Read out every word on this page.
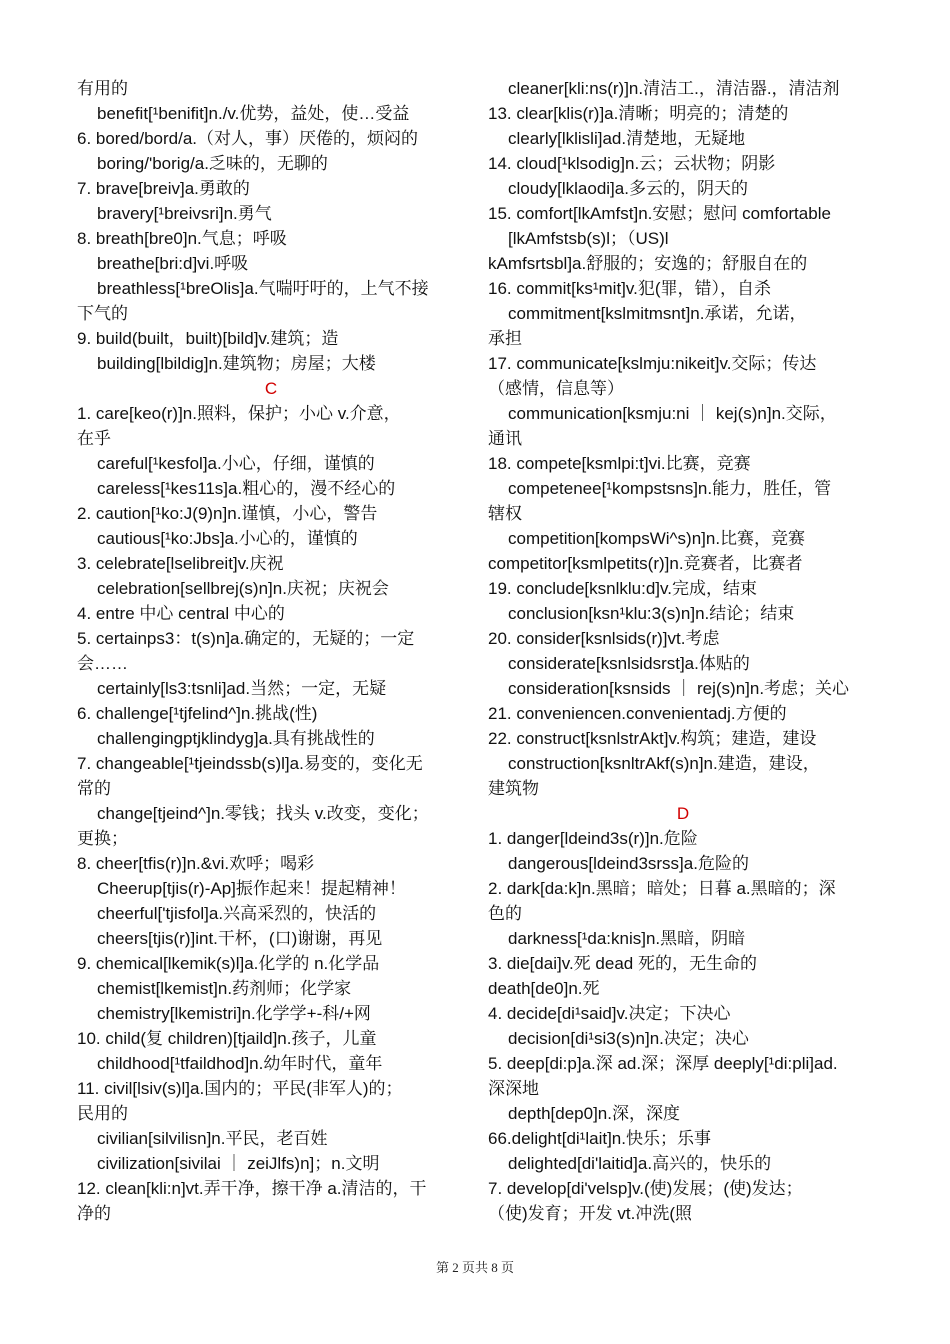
有用的
benefit[¹benifit]n./v.优势，益处，使…受益
6. bored/bord/a.（对人，事）厌倦的，烦闷的
boring/'borig/a.乏味的，无聊的
7. brave[breiv]a.勇敢的
bravery[¹breivsri]n.勇气
8. breath[bre0]n.气息；呼吸
breathe[bri:d]vi.呼吸
breathless[¹breOlis]a.气喘吁吁的，上气不接
下气的
9. build(built，built)[bild]v.建筑；造
building[lbildig]n.建筑物；房屋；大楼
C
1. care[keo(r)]n.照料，保护；小心 v.介意，
在乎
careful[¹kesfol]a.小心，仔细，谨慎的
careless[¹kes11s]a.粗心的，漫不经心的
2. caution[¹ko:J(9)n]n.谨慎，小心，警告
cautious[¹ko:Jbs]a.小心的，谨慎的
3. celebrate[lselibreit]v.庆祝
celebration[sellbrej(s)n]n.庆祝；庆祝会
4. entre 中心 central 中心的
5. certainps3：t(s)n]a.确定的，无疑的；一定
会……
certainly[ls3:tsnli]ad.当然；一定，无疑
6. challenge[¹tjfelind^]n.挑战(性)
challengingptjklindyg]a.具有挑战性的
7. changeable[¹tjeindssb(s)l]a.易变的，变化无
常的
change[tjeind^]n.零钱；找头 v.改变，变化；
更换；
8. cheer[tfis(r)]n.&vi.欢呼；喝彩
Cheerup[tjis(r)-Ap]振作起来！提起精神！
cheerful['tjisfol]a.兴高采烈的，快活的
cheers[tjis(r)]int.干杯，(口)谢谢，再见
9. chemical[lkemik(s)l]a.化学的 n.化学品
chemist[lkemist]n.药剂师；化学家
chemistry[lkemistri]n.化学学+-科/+网
10. child(复 children)[tjaild]n.孩子，儿童
childhood[¹tfaildhod]n.幼年时代，童年
11. civil[lsiv(s)l]a.国内的；平民(非军人)的；
民用的
civilian[silvilisn]n.平民，老百姓
civilization[sivilai ｜ zeiJlfs)n]；n.文明
12. clean[kli:n]vt.弄干净，擦干净 a.清洁的，干
净的
cleaner[kli:ns(r)]n.清洁工.，清洁器.，清洁剂
13. clear[klis(r)]a.清晰；明亮的；清楚的
clearly[lklisli]ad.清楚地，无疑地
14. cloud[¹klsodig]n.云；云状物；阴影
cloudy[lklaodi]a.多云的，阴天的
15. comfort[lkAmfst]n.安慰；慰问 comfortable
[lkAmfstsb(s)l；（US)l
kAmfsrtsbl]a.舒服的；安逸的；舒服自在的
16. commit[ks¹mit]v.犯(罪，错），自杀
commitment[kslmitmsnt]n.承诺，允诺，
承担
17. communicate[kslmju:nikeit]v.交际；传达
（感情，信息等）
communication[ksmju:ni ｜ kej(s)n]n.交际，
通讯
18. compete[ksmlpi:t]vi.比赛，竞赛
competenee[¹kompstsns]n.能力，胜任，管
辖权
competition[kompsWi^s)n]n.比赛，竞赛
competitor[ksmlpetits(r)]n.竞赛者，比赛者
19. conclude[ksnlklu:d]v.完成，结束
conclusion[ksn¹klu:3(s)n]n.结论；结束
20. consider[ksnlsids(r)]vt.考虑
considerate[ksnlsidsrst]a.体贴的
consideration[ksnsids ｜ rej(s)n]n.考虑；关心
21. conveniencen.convenientadj.方便的
22. construct[ksnlstrAkt]v.构筑；建造，建设
construction[ksnltrAkf(s)n]n.建造，建设，
建筑物
D
1. danger[ldeind3s(r)]n.危险
dangerous[ldeind3srss]a.危险的
2. dark[da:k]n.黑暗；暗处；日暮 a.黑暗的；深
色的
darkness[¹da:knis]n.黑暗，阴暗
3. die[dai]v.死 dead 死的，无生命的
death[de0]n.死
4. decide[di¹said]v.决定；下决心
decision[di¹si3(s)n]n.决定；决心
5. deep[di:p]a.深 ad.深；深厚 deeply[¹di:pli]ad.
深深地
depth[dep0]n.深，深度
66.delight[di¹lait]n.快乐；乐事
delighted[di'laitid]a.高兴的，快乐的
7. develop[di'velsp]v.(使)发展；(使)发达；
（使)发育；开发 vt.冲洗(照
第 2 页共 8 页
